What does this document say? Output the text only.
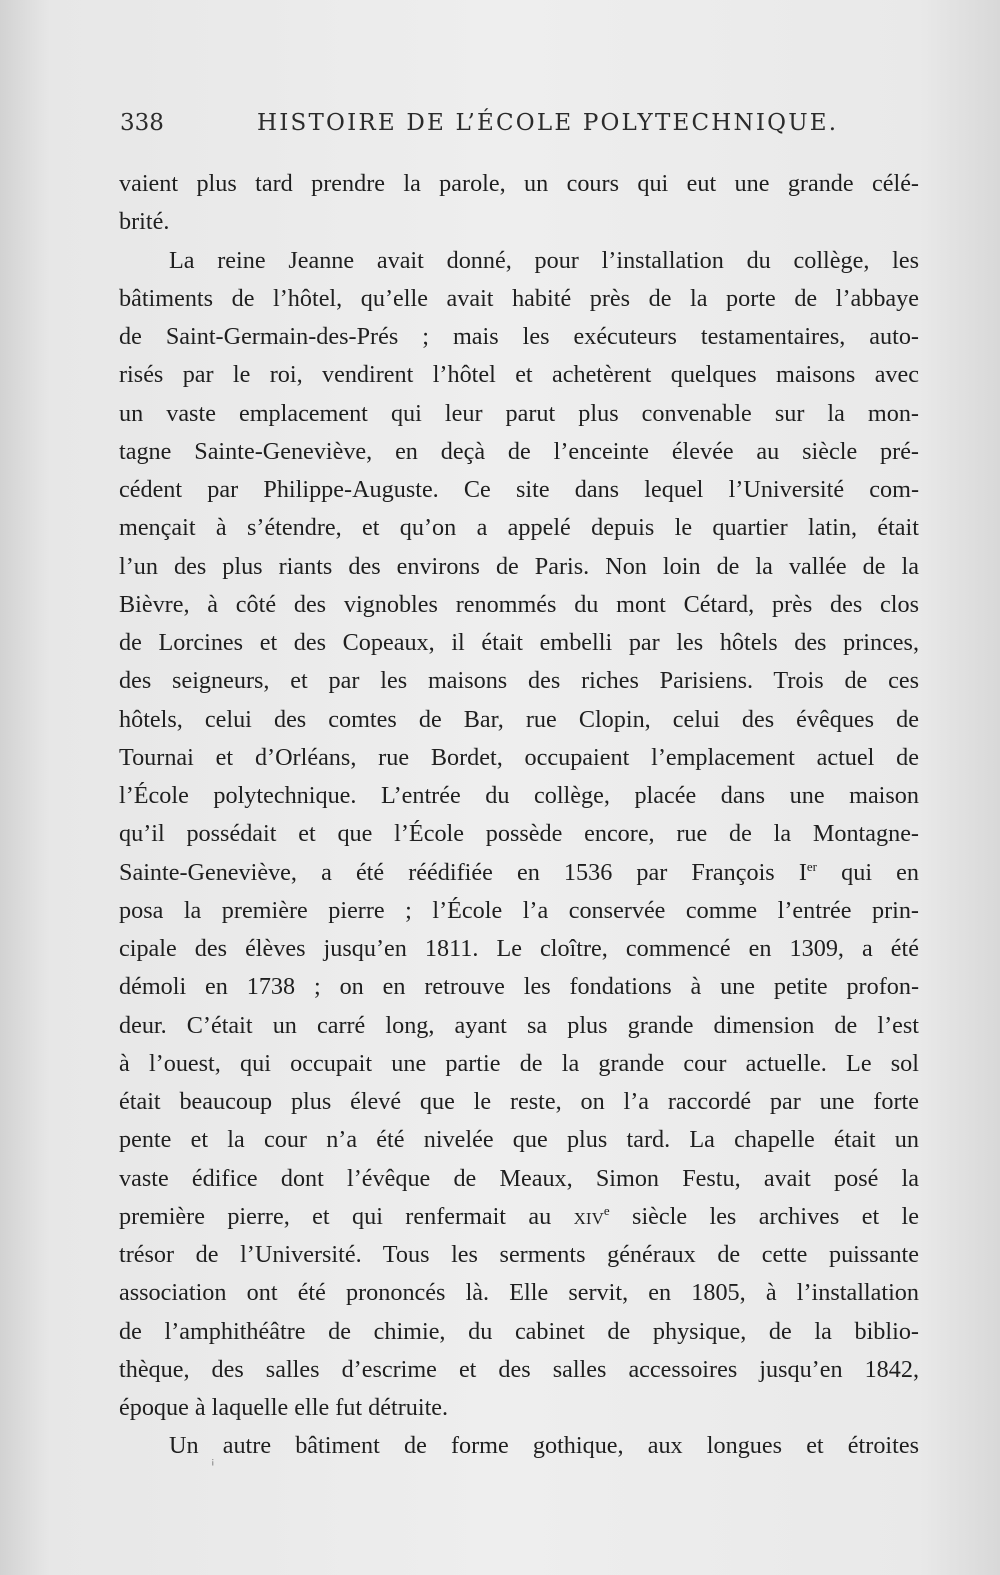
338	HISTOIRE DE L’ÉCOLE POLYTECHNIQUE.

vaient plus tard prendre la parole, un cours qui eut une grande célé-
brité.

La reine Jeanne avait donné, pour l’installation du collège, les
bâtiments de l’hôtel, qu’elle avait habité près de la porte de l’abbaye
de Saint-Germain-des-Prés ; mais les exécuteurs testamentaires, auto-
risés par le roi, vendirent l’hôtel et achetèrent quelques maisons avec
un vaste emplacement qui leur parut plus convenable sur la mon-
tagne Sainte-Geneviève, en deçà de l’enceinte élevée au siècle pré-
cédent par Philippe-Auguste. Ce site dans lequel l’Université com-
mençait à s’étendre, et qu’on a appelé depuis le quartier latin, était
l’un des plus riants des environs de Paris. Non loin de la vallée de la
Bièvre, à côté des vignobles renommés du mont Cétard, près des clos
de Lorcines et des Copeaux, il était embelli par les hôtels des princes,
des seigneurs, et par les maisons des riches Parisiens. Trois de ces
hôtels, celui des comtes de Bar, rue Clopin, celui des évêques de
Tournai et d’Orléans, rue Bordet, occupaient l’emplacement actuel de
l’École polytechnique. L’entrée du collège, placée dans une maison
qu’il possédait et que l’École possède encore, rue de la Montagne-
Sainte-Geneviève, a été réédifiée en 1536 par François Ier qui en
posa la première pierre ; l’École l’a conservée comme l’entrée prin-
cipale des élèves jusqu’en 1811. Le cloître, commencé en 1309, a été
démoli en 1738 ; on en retrouve les fondations à une petite profon-
deur. C’était un carré long, ayant sa plus grande dimension de l’est
à l’ouest, qui occupait une partie de la grande cour actuelle. Le sol
était beaucoup plus élevé que le reste, on l’a raccordé par une forte
pente et la cour n’a été nivelée que plus tard. La chapelle était un
vaste édifice dont l’évêque de Meaux, Simon Festu, avait posé la
première pierre, et qui renfermait au xiv$^e$ siècle les archives et le
trésor de l’Université. Tous les serments généraux de cette puissante
association ont été prononcés là. Elle servit, en 1805, à l’installation
de l’amphithéâtre de chimie, du cabinet de physique, de la biblio-
thèque, des salles d’escrime et des salles accessoires jusqu’en 1842,
époque à laquelle elle fut détruite.

Un autre bâtiment de forme gothique, aux longues et étroites

¡
